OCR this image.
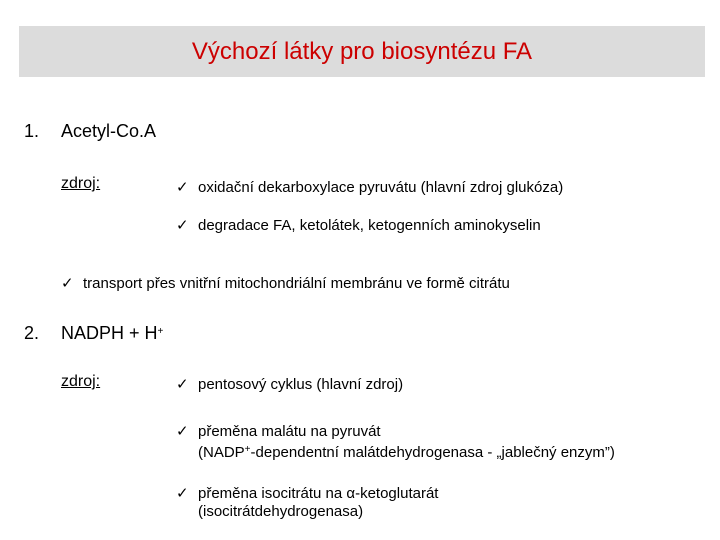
Výchozí látky pro biosyntézu FA
1. Acetyl-Co.A
zdroj:	✓ oxidační dekarboxylace pyruvátu (hlavní zdroj glukóza)
✓ degradace FA, ketolátek, ketogenních aminokyselin
✓ transport přes vnitřní mitochondriální membránu ve formě citrátu
2. NADPH + H+
zdroj:	✓ pentosový cyklus (hlavní zdroj)
✓ přeměna malátu na pyruvát
(NADP+-dependentní malátdehydrogenasa - „jablečný enzym”)
✓ přeměna isocitrátu na α-ketoglutarát
(isocitrátdehydrogenasa)
